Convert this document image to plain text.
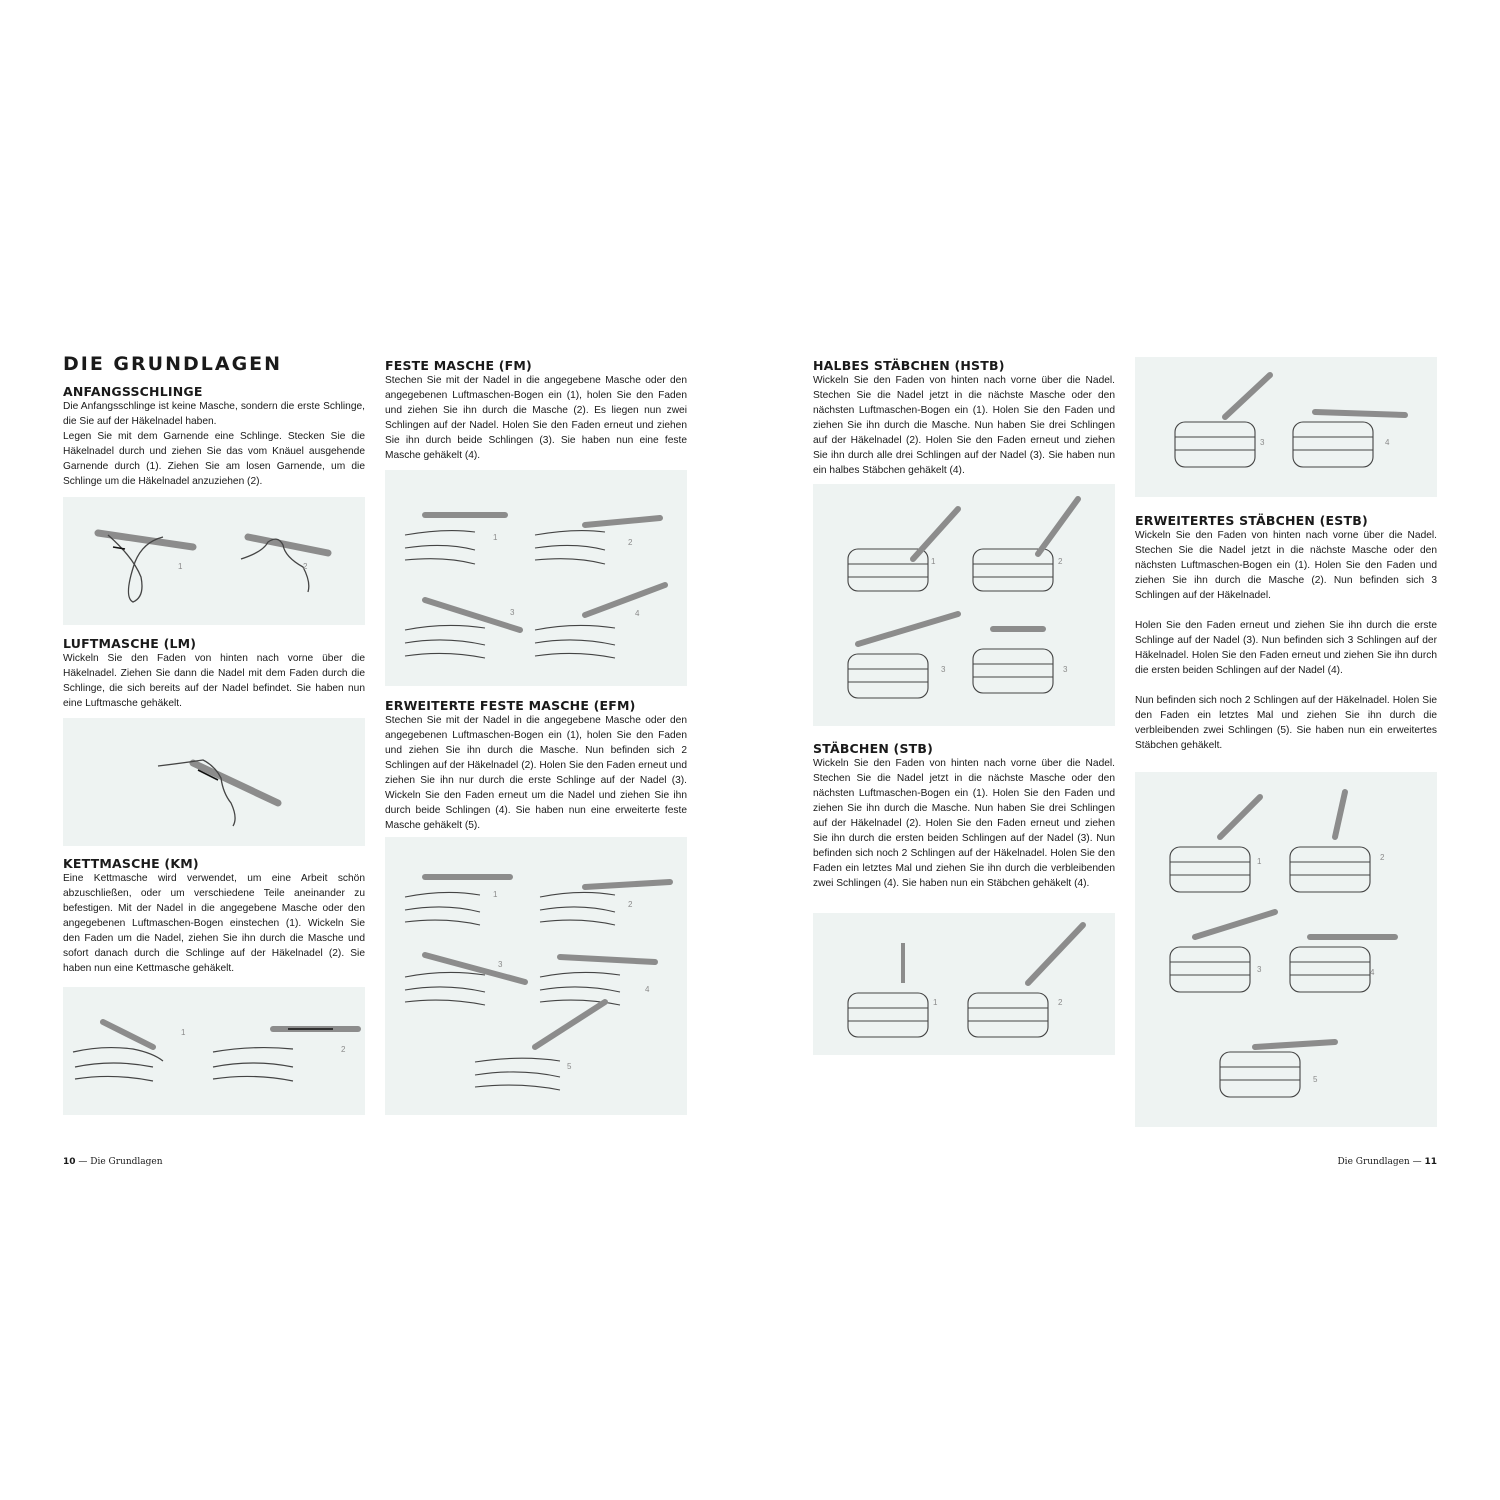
DIE GRUNDLAGEN
ANFANGSSCHLINGE

Die Anfangsschlinge ist keine Masche, sondern die erste Schlinge, die Sie auf der Häkelnadel haben.

Legen Sie mit dem Garnende eine Schlinge. Stecken Sie die Häkelnadel durch und ziehen Sie das vom Knäuel ausgehende Garnende durch (1). Ziehen Sie am losen Garnende, um die Schlinge um die Häkelnadel anzuziehen (2).

1	2
LUFTMASCHE (LM)

Wickeln Sie den Faden von hinten nach vorne über die Häkelnadel. Ziehen Sie dann die Nadel mit dem Faden durch die Schlinge, die sich bereits auf der Nadel befindet. Sie haben nun eine Luftmasche gehäkelt.

KETTMASCHE (KM)

Eine Kettmasche wird verwendet, um eine Arbeit schön abzuschließen, oder um verschiedene Teile aneinander zu befestigen. Mit der Nadel in die angegebene Masche oder den angegebenen Luftmaschen-Bogen einstechen (1). Wickeln Sie den Faden um die Nadel, ziehen Sie ihn durch die Masche und sofort danach durch die Schlinge auf der Häkelnadel (2). Sie haben nun eine Kettmasche gehäkelt.

1
2
FESTE MASCHE (FM)

Stechen Sie mit der Nadel in die angegebene Masche oder den angegebenen Luftmaschen-Bogen ein (1), holen Sie den Faden und ziehen Sie ihn durch die Masche (2). Es liegen nun zwei Schlingen auf der Nadel. Holen Sie den Faden erneut und ziehen Sie ihn durch beide Schlingen (3). Sie haben nun eine feste Masche gehäkelt (4).

1
2
3	4
ERWEITERTE FESTE MASCHE (EFM)

Stechen Sie mit der Nadel in die angegebene Masche oder den angegebenen Luftmaschen-Bogen ein (1), holen Sie den Faden und ziehen Sie ihn durch die Masche. Nun befinden sich 2 Schlingen auf der Häkelnadel (2). Holen Sie den Faden erneut und ziehen Sie ihn nur durch die erste Schlinge auf der Nadel (3). Wickeln Sie den Faden erneut um die Nadel und ziehen Sie ihn durch beide Schlingen (4). Sie haben nun eine erweiterte feste Masche gehäkelt (5).

1
2
3
4
5
10 — Die Grundlagen
HALBES STÄBCHEN (HSTB)

Wickeln Sie den Faden von hinten nach vorne über die Nadel. Stechen Sie die Nadel jetzt in die nächste Masche oder den nächsten Luftmaschen-Bogen ein (1). Holen Sie den Faden und ziehen Sie ihn durch die Masche. Nun haben Sie drei Schlingen auf der Häkelnadel (2). Holen Sie den Faden erneut und ziehen Sie ihn durch alle drei Schlingen auf der Nadel (3). Sie haben nun ein halbes Stäbchen gehäkelt (4).

1	2
3	3
STÄBCHEN (STB)

Wickeln Sie den Faden von hinten nach vorne über die Nadel. Stechen Sie die Nadel jetzt in die nächste Masche oder den nächsten Luftmaschen-Bogen ein (1). Holen Sie den Faden und ziehen Sie ihn durch die Masche. Nun haben Sie drei Schlingen auf der Häkelnadel (2). Holen Sie den Faden erneut und ziehen Sie ihn durch die ersten beiden Schlingen auf der Nadel (3). Nun befinden sich noch 2 Schlingen auf der Häkelnadel. Holen Sie den Faden ein letztes Mal und ziehen Sie ihn durch die verbleibenden zwei Schlingen (4). Sie haben nun ein Stäbchen gehäkelt (4).

1	2
3	4
ERWEITERTES STÄBCHEN (ESTB)

Wickeln Sie den Faden von hinten nach vorne über die Nadel. Stechen Sie die Nadel jetzt in die nächste Masche oder den nächsten Luftmaschen-Bogen ein (1). Holen Sie den Faden und ziehen Sie ihn durch die Masche (2). Nun befinden sich 3 Schlingen auf der Häkelnadel.

Holen Sie den Faden erneut und ziehen Sie ihn durch die erste Schlinge auf der Nadel (3). Nun befinden sich 3 Schlingen auf der Häkelnadel. Holen Sie den Faden erneut und ziehen Sie ihn durch die ersten beiden Schlingen auf der Nadel (4).

Nun befinden sich noch 2 Schlingen auf der Häkelnadel. Holen Sie den Faden ein letztes Mal und ziehen Sie ihn durch die verbleibenden zwei Schlingen (5). Sie haben nun ein erweitertes Stäbchen gehäkelt.

1	2
3	4
5
Die Grundlagen — 11
